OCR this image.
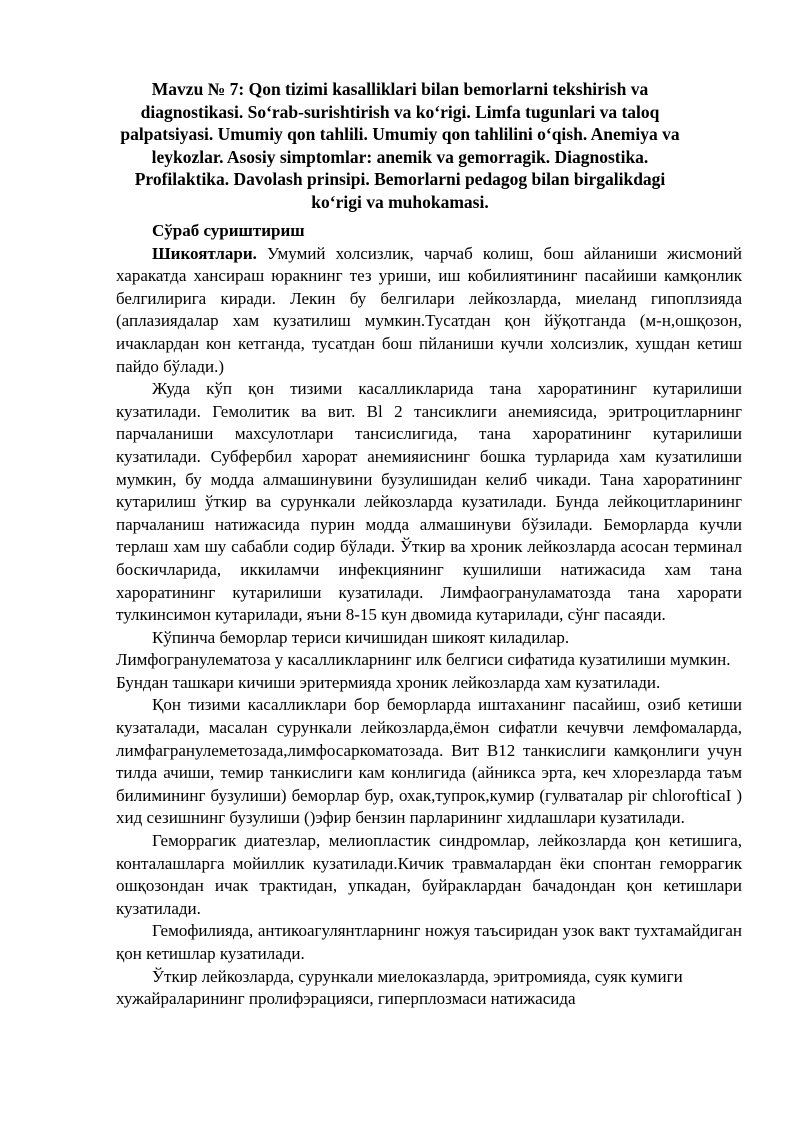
Mavzu № 7: Qon tizimi kasalliklari bilan bemorlarni tekshirish va diagnostikasi. So‘rab-surishtirish va ko‘rigi. Limfa tugunlari va taloq palpatsiyasi. Umumiy qon tahlili. Umumiy qon tahlilini o‘qish. Anemiya va leykozlar. Asosiy simptomlar: anemik va gemorragik. Diagnostika. Profilaktika. Davolash prinsipi. Bemorlarni pedagog bilan birgalikdagi ko‘rigi va muhokamasi.

Сўраб суриштириш

Шикоятлари. Умумий холсизлик, чарчаб колиш, бош айланиши жисмоний харакатда хансираш юракнинг тез уриши, иш кобилиятининг пасайиши камқонлик белгилирига киради. Лекин бу белгилари лейкозларда, миеланд гипоплзияда (аплазиядалар хам кузатилиш мумкин.Тусатдан қон йўқотганда (м-н,ошқозон, ичаклардан кон кетганда, тусатдан бош пйланиши кучли холсизлик, хушдан кетиш пайдо бўлади.)

Жуда кўп қон тизими касалликларида тана хароратининг кутарилиши кузатилади. Гемолитик ва вит. Вl 2 тансиклиги анемиясида, эритроцитларнинг парчаланиши махсулотлари тансислигида, тана хароратининг кутарилиши кузатилади. Субфербил харорат анемияиснинг бошка турларида хам кузатилиши мумкин, бу модда алмашинувини бузулишидан келиб чикади. Тана хароратининг кутарилиш ўткир ва сурункали лейкозларда кузатилади. Бунда лейкоцитларининг парчаланиш натижасида пурин модда алмашинуви бўзилади. Беморларда кучли терлаш хам шу сабабли содир бўлади. Ўткир ва хроник лейкозларда асосан терминал боскичларида, иккиламчи инфекциянинг кушилиши натижасида хам тана хароратининг кутарилиши кузатилади. Лимфаогрануламатозда тана харорати тулкинсимон кутарилади, яъни 8-15 кун двомида кутарилади, сўнг пасаяди.

Кўпинча беморлар териси кичишидан шикоят киладилар.

Лимфогранулематоза у касалликларнинг илк белгиси сифатида кузатилиши мумкин. Бундан ташкари кичиши эритермияда хроник лейкозларда хам кузатилади.

Қон тизими касалликлари бор беморларда иштаханинг пасайиш, озиб кетиши кузаталади, масалан сурункали лейкозларда,ёмон сифатли кечувчи лемфомаларда, лимфагранулеметозада,лимфосаркоматозада. Вит В12 танкислиги камқонлиги учун тилда ачиши, темир танкислиги кам конлигида (айникса эрта, кеч хлорезларда таъм билимининг бузулиши) беморлар бур, охак,тупрок,кумир (гулваталар pir chlorofticaI ) хид сезишнинг бузулиши ()эфир бензин парларининг хидлашлари кузатилади.

Геморрагик диатезлар, мелиопластик синдромлар, лейкозларда қон кетишига, конталашларга мойиллик кузатилади.Кичик травмалардан ёки спонтан геморрагик ошқозондан ичак трактидан, упкадан, буйраклардан бачадондан қон кетишлари кузатилади.

Гемофилияда, антикоагулянтларнинг ножуя таъсиридан узок вакт тухтамайдиган қон кетишлар кузатилади.

Ўткир лейкозларда, сурункали миелоказларда, эритромияда, суяк кумиги хужайраларининг пролифэрацияси, гиперплозмаси натижасида
